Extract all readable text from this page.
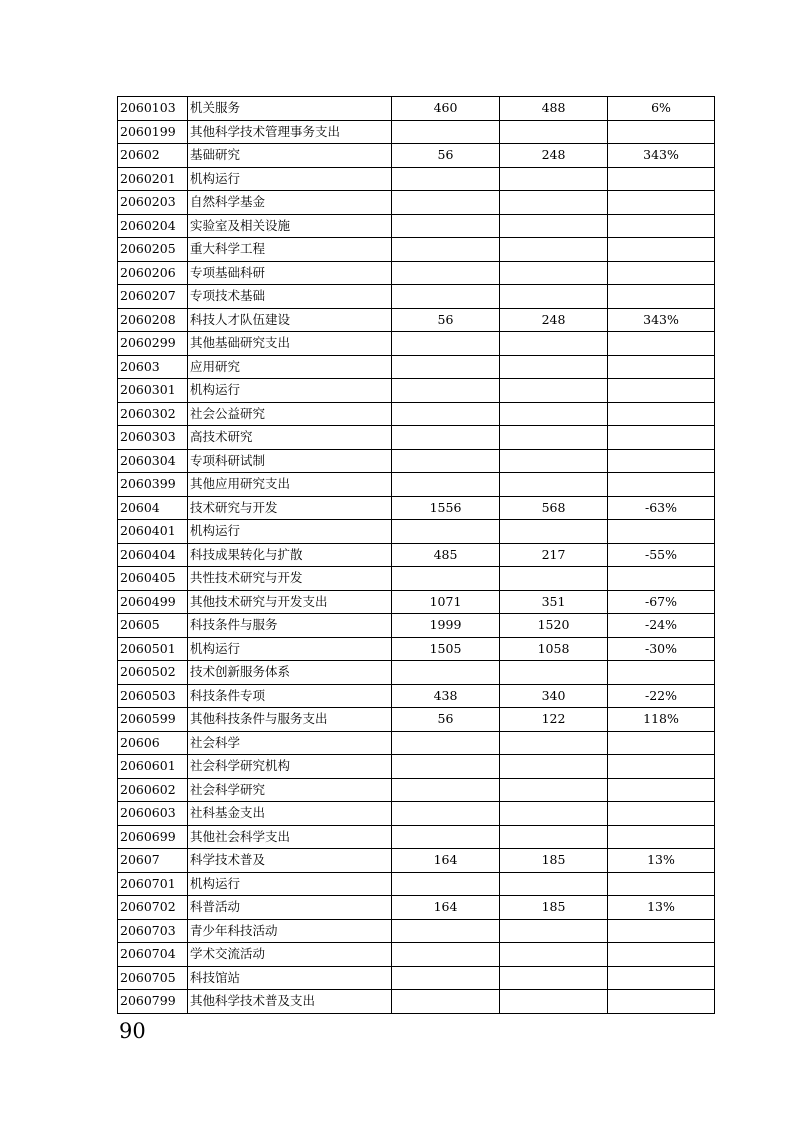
2060103	机关服务	460	488	6%
2060199	其他科学技术管理事务支出			
20602	基础研究	56	248	343%
2060201	机构运行			
2060203	自然科学基金			
2060204	实验室及相关设施			
2060205	重大科学工程			
2060206	专项基础科研			
2060207	专项技术基础			
2060208	科技人才队伍建设	56	248	343%
2060299	其他基础研究支出			
20603	应用研究			
2060301	机构运行			
2060302	社会公益研究			
2060303	高技术研究			
2060304	专项科研试制			
2060399	其他应用研究支出			
20604	技术研究与开发	1556	568	-63%
2060401	机构运行			
2060404	科技成果转化与扩散	485	217	-55%
2060405	共性技术研究与开发			
2060499	其他技术研究与开发支出	1071	351	-67%
20605	科技条件与服务	1999	1520	-24%
2060501	机构运行	1505	1058	-30%
2060502	技术创新服务体系			
2060503	科技条件专项	438	340	-22%
2060599	其他科技条件与服务支出	56	122	118%
20606	社会科学			
2060601	社会科学研究机构			
2060602	社会科学研究			
2060603	社科基金支出			
2060699	其他社会科学支出			
20607	科学技术普及	164	185	13%
2060701	机构运行			
2060702	科普活动	164	185	13%
2060703	青少年科技活动			
2060704	学术交流活动			
2060705	科技馆站			
2060799	其他科学技术普及支出			
90
